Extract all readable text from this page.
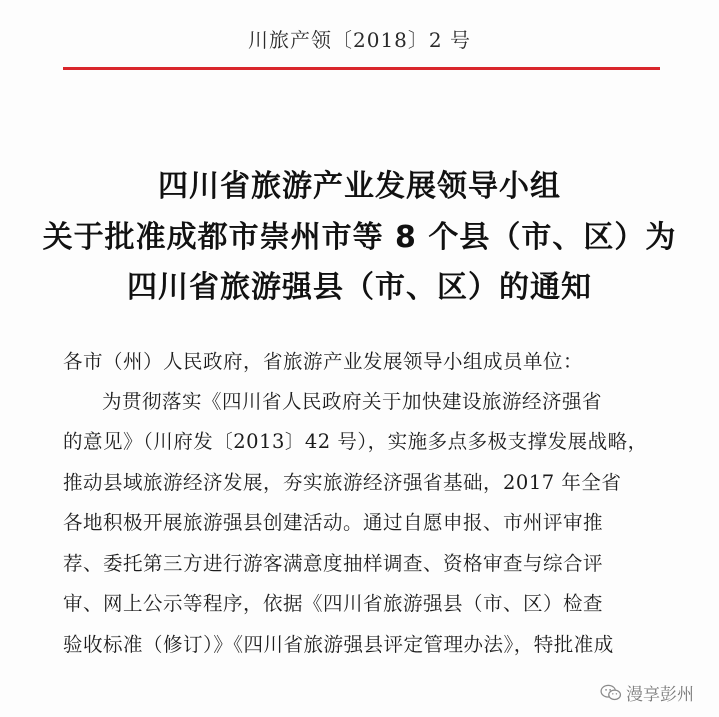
川旅产领〔2018〕2 号
四川省旅游产业发展领导小组
关于批准成都市崇州市等 8 个县（市、区）为
四川省旅游强县（市、区）的通知
各市（州）人民政府，省旅游产业发展领导小组成员单位：
为贯彻落实《四川省人民政府关于加快建设旅游经济强省
的意见》（川府发〔2013〕42 号），实施多点多极支撑发展战略，
推动县域旅游经济发展，夯实旅游经济强省基础，2017 年全省
各地积极开展旅游强县创建活动。通过自愿申报、市州评审推
荐、委托第三方进行游客满意度抽样调查、资格审查与综合评
审、网上公示等程序，依据《四川省旅游强县（市、区）检查
验收标准（修订）》《四川省旅游强县评定管理办法》，特批准成
漫享彭州
